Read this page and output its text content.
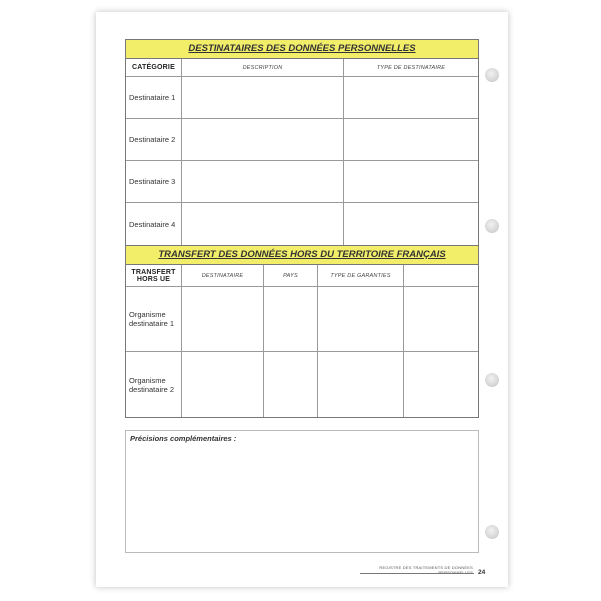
DESTINATAIRES DES DONNÉES PERSONNELLES
CATÉGORIE	DESCRIPTION	TYPE DE DESTINATAIRE
Destinataire 1
Destinataire 2
Destinataire 3
Destinataire 4
TRANSFERT DES DONNÉES HORS DU TERRITOIRE FRANÇAIS
TRANSFERT HORS UE	DESTINATAIRE	PAYS	TYPE DE GARANTIES
Organisme destinataire 1
Organisme destinataire 2
Précisions complémentaires :
REGISTRE DES TRAITEMENTS DE DONNÉES PERSONNELLES 24
